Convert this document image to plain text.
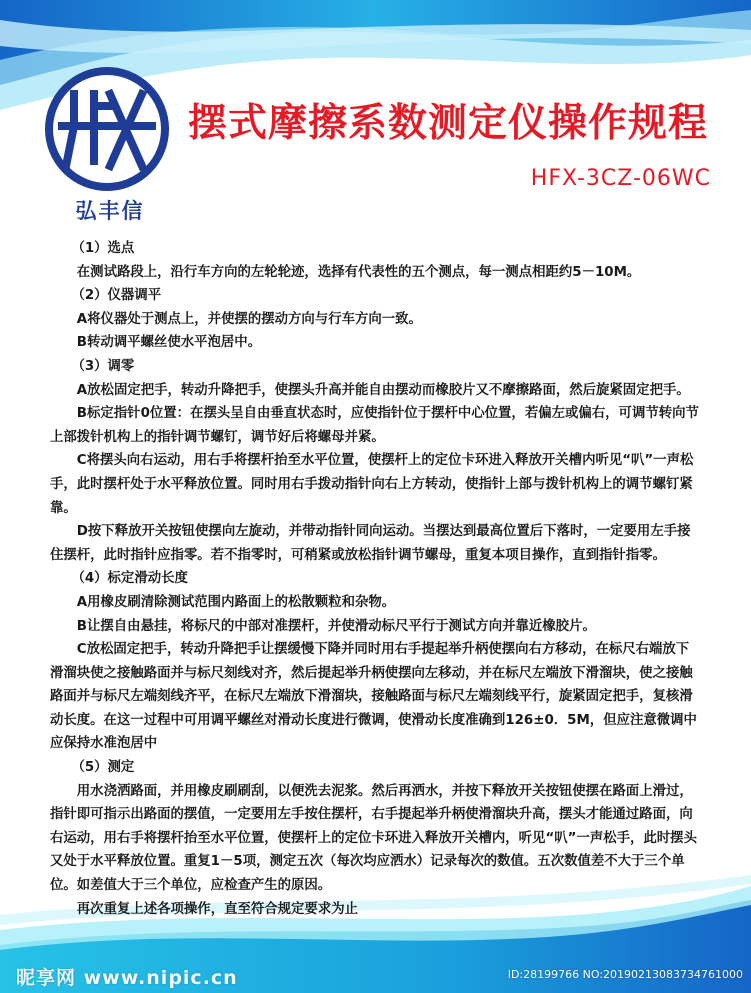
弘丰信
摆式摩擦系数测定仪操作规程
HFX-3CZ-06WC

（1）选点

在测试路段上，沿行车方向的左轮轮迹，选择有代表性的五个测点，每一测点相距约5－10M。

（2）仪器调平

A将仪器处于测点上，并使摆的摆动方向与行车方向一致。

B转动调平螺丝使水平泡居中。

（3）调零

A放松固定把手，转动升降把手，使摆头升高并能自由摆动而橡胶片又不摩擦路面，然后旋紧固定把手。

B标定指针0位置：在摆头呈自由垂直状态时，应使指针位于摆杆中心位置，若偏左或偏右，可调节转向节上部拨针机构上的指针调节螺钉，调节好后将螺母并紧。

C将摆头向右运动，用右手将摆杆抬至水平位置，使摆杆上的定位卡环进入释放开关槽内听见“叭”一声松手，此时摆杆处于水平释放位置。同时用右手拨动指针向右上方转动，使指针上部与拨针机构上的调节螺钉紧靠。

D按下释放开关按钮使摆向左旋动，并带动指针同向运动。当摆达到最高位置后下落时，一定要用左手接住摆杆，此时指针应指零。若不指零时，可稍紧或放松指针调节螺母，重复本项目操作，直到指针指零。

（4）标定滑动长度

A用橡皮刷清除测试范围内路面上的松散颗粒和杂物。

B让摆自由悬挂，将标尺的中部对准摆杆，并使滑动标尺平行于测试方向并靠近橡胶片。

C放松固定把手，转动升降把手让摆缓慢下降并同时用右手提起举升柄使摆向右方移动，在标尺右端放下滑溜块使之接触路面并与标尺刻线对齐，然后提起举升柄使摆向左移动，并在标尺左端放下滑溜块，使之接触路面并与标尺左端刻线齐平，在标尺左端放下滑溜块，接触路面与标尺左端刻线平行，旋紧固定把手，复核滑动长度。在这一过程中可用调平螺丝对滑动长度进行微调，使滑动长度准确到126±0．5M，但应注意微调中应保持水准泡居中

（5）测定

用水浇洒路面，并用橡皮刷刷刮，以便洗去泥浆。然后再洒水，并按下释放开关按钮使摆在路面上滑过，指针即可指示出路面的摆值，一定要用左手按住摆杆，右手提起举升柄使滑溜块升高，摆头才能通过路面，向右运动，用右手将摆杆抬至水平位置，使摆杆上的定位卡环进入释放开关槽内，听见“叭”一声松手，此时摆头又处于水平释放位置。重复1－5项，测定五次（每次均应洒水）记录每次的数值。五次数值差不大于三个单位。如差值大于三个单位，应检查产生的原因。

再次重复上述各项操作，直至符合规定要求为止

昵享网 www.nipic.cn	ID:28199766 NO:20190213083734761000
